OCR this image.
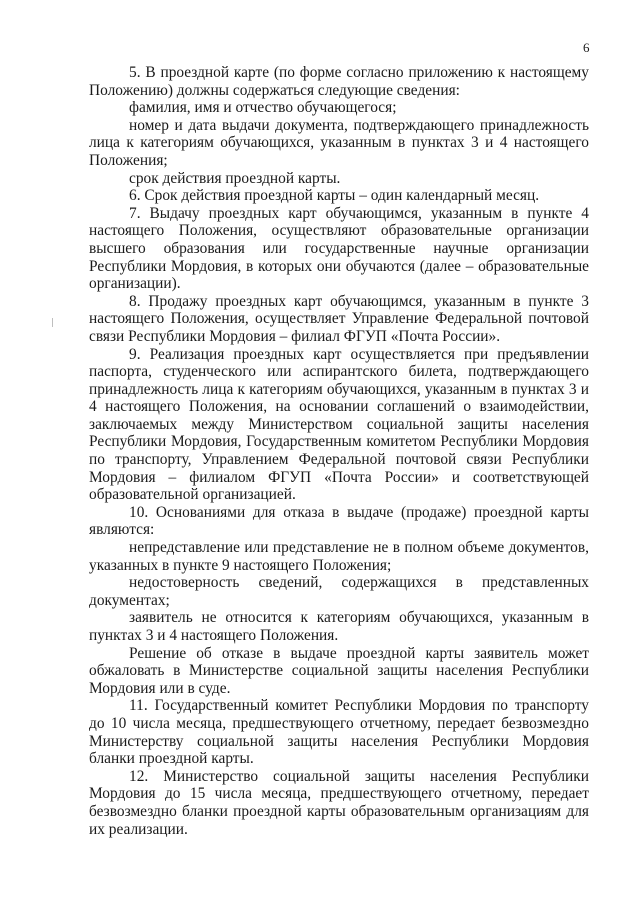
6

5. В проездной карте (по форме согласно приложению к настоящему Положению) должны содержаться следующие сведения:

фамилия, имя и отчество обучающегося;

номер и дата выдачи документа, подтверждающего принадлежность лица к категориям обучающихся, указанным в пунктах 3 и 4 настоящего Положения;

срок действия проездной карты.

6. Срок действия проездной карты – один календарный месяц.

7. Выдачу проездных карт обучающимся, указанным в пункте 4 настоящего Положения, осуществляют образовательные организации высшего образования или государственные научные организации Республики Мордовия, в которых они обучаются (далее – образовательные организации).

8. Продажу проездных карт обучающимся, указанным в пункте 3 настоящего Положения, осуществляет Управление Федеральной почтовой связи Республики Мордовия – филиал ФГУП «Почта России».

9. Реализация проездных карт осуществляется при предъявлении паспорта, студенческого или аспирантского билета, подтверждающего принадлежность лица к категориям обучающихся, указанным в пунктах 3 и 4 настоящего Положения, на основании соглашений о взаимодействии, заключаемых между Министерством социальной защиты населения Республики Мордовия, Государственным комитетом Республики Мордовия по транспорту, Управлением Федеральной почтовой связи Республики Мордовия – филиалом ФГУП «Почта России» и соответствующей образовательной организацией.

10. Основаниями для отказа в выдаче (продаже) проездной карты являются:

непредставление или представление не в полном объеме документов, указанных в пункте 9 настоящего Положения;

недостоверность сведений, содержащихся в представленных документах;

заявитель не относится к категориям обучающихся, указанным в пунктах 3 и 4 настоящего Положения.

Решение об отказе в выдаче проездной карты заявитель может обжаловать в Министерстве социальной защиты населения Республики Мордовия или в суде.

11. Государственный комитет Республики Мордовия по транспорту до 10 числа месяца, предшествующего отчетному, передает безвозмездно Министерству социальной защиты населения Республики Мордовия бланки проездной карты.

12. Министерство социальной защиты населения Республики Мордовия до 15 числа месяца, предшествующего отчетному, передает безвозмездно бланки проездной карты образовательным организациям для их реализации.
